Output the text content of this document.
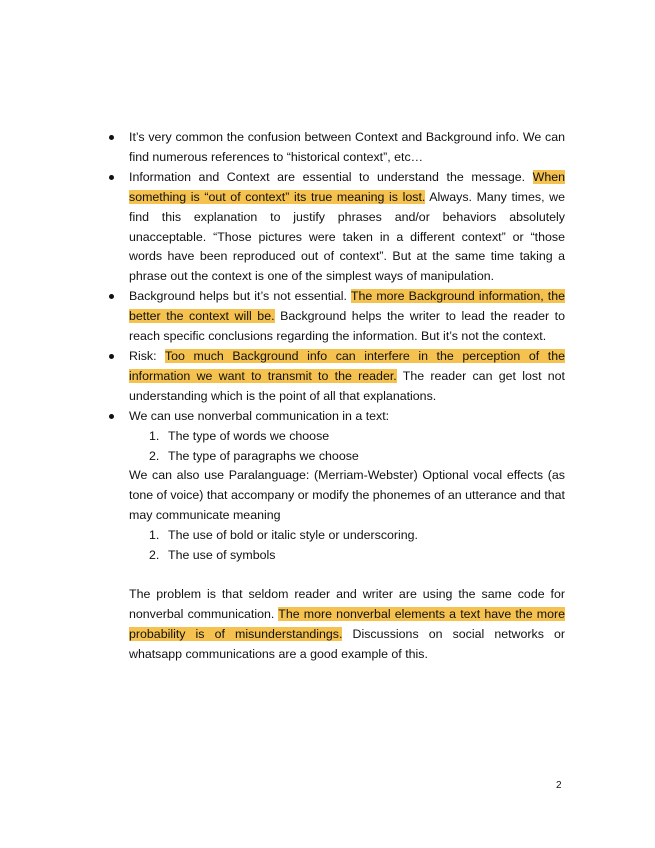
It’s very common the confusion between Context and Background info. We can find numerous references to “historical context”, etc…
Information and Context are essential to understand the message. When something is “out of context” its true meaning is lost. Always. Many times, we find this explanation to justify phrases and/or behaviors absolutely unacceptable. “Those pictures were taken in a different context” or “those words have been reproduced out of context”. But at the same time taking a phrase out the context is one of the simplest ways of manipulation.
Background helps but it’s not essential. The more Background information, the better the context will be. Background helps the writer to lead the reader to reach specific conclusions regarding the information. But it’s not the context.
Risk: Too much Background info can interfere in the perception of the information we want to transmit to the reader. The reader can get lost not understanding which is the point of all that explanations.
We can use nonverbal communication in a text:
1. The type of words we choose
2. The type of paragraphs we choose

We can also use Paralanguage: (Merriam-Webster) Optional vocal effects (as tone of voice) that accompany or modify the phonemes of an utterance and that may communicate meaning

1. The use of bold or italic style or underscoring.
2. The use of symbols

The problem is that seldom reader and writer are using the same code for nonverbal communication. The more nonverbal elements a text have the more probability is of misunderstandings. Discussions on social networks or whatsapp communications are a good example of this.

2
